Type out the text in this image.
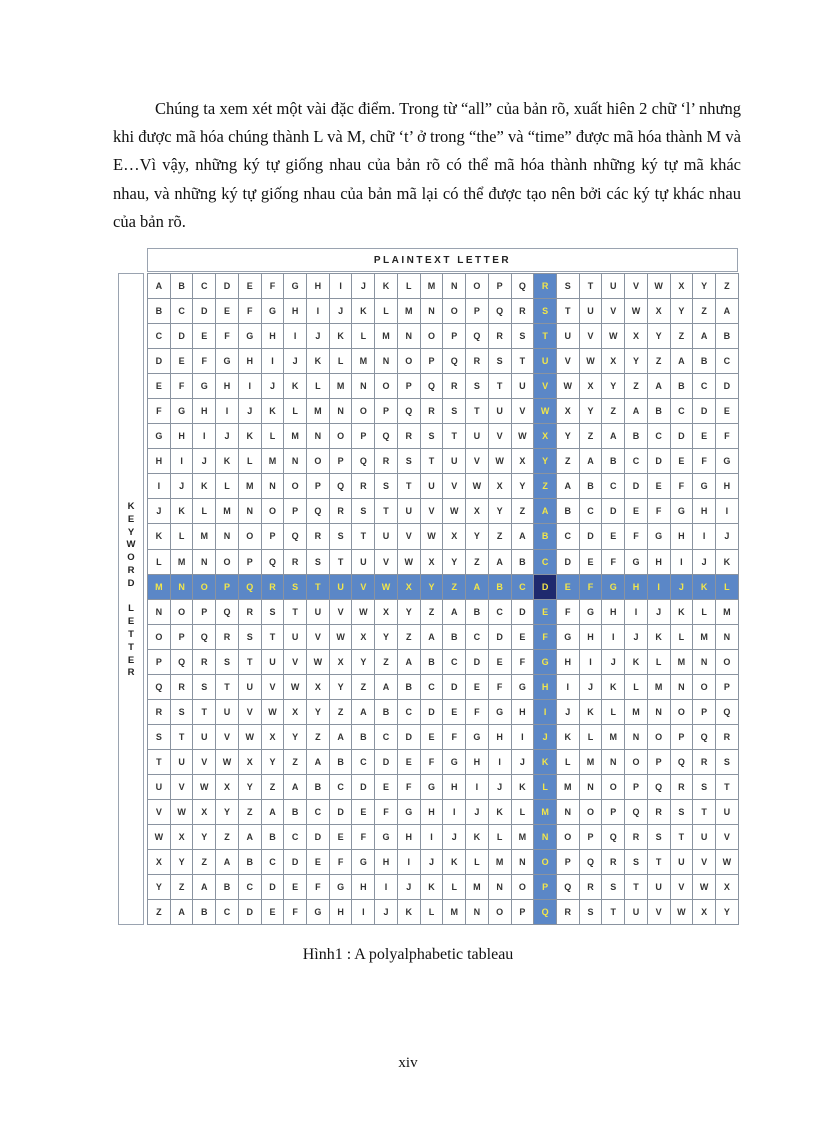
Chúng ta xem xét một vài đặc điểm. Trong từ “all” của bản rõ, xuất hiên 2 chữ ‘l’ nhưng khi được mã hóa chúng thành L và M, chữ ‘t’ ở trong “the” và “time” được mã hóa thành M và E…Vì vậy, những ký tự giống nhau của bản rõ có thể mã hóa thành những ký tự mã khác nhau, và những ký tự giống nhau của bản mã lại có thể được tạo nên bởi các ký tự khác nhau của bản rõ.

PLAINTEXT LETTER
K
E
Y
W
O
R
D
L
E
T
T
E
R
A	B	C	D	E	F	G	H	I	J	K	L	M	N	O	P	Q	R	S	T	U	V	W	X	Y	Z
B	C	D	E	F	G	H	I	J	K	L	M	N	O	P	Q	R	S	T	U	V	W	X	Y	Z	A
C	D	E	F	G	H	I	J	K	L	M	N	O	P	Q	R	S	T	U	V	W	X	Y	Z	A	B
D	E	F	G	H	I	J	K	L	M	N	O	P	Q	R	S	T	U	V	W	X	Y	Z	A	B	C
E	F	G	H	I	J	K	L	M	N	O	P	Q	R	S	T	U	V	W	X	Y	Z	A	B	C	D
F	G	H	I	J	K	L	M	N	O	P	Q	R	S	T	U	V	W	X	Y	Z	A	B	C	D	E
G	H	I	J	K	L	M	N	O	P	Q	R	S	T	U	V	W	X	Y	Z	A	B	C	D	E	F
H	I	J	K	L	M	N	O	P	Q	R	S	T	U	V	W	X	Y	Z	A	B	C	D	E	F	G
I	J	K	L	M	N	O	P	Q	R	S	T	U	V	W	X	Y	Z	A	B	C	D	E	F	G	H
J	K	L	M	N	O	P	Q	R	S	T	U	V	W	X	Y	Z	A	B	C	D	E	F	G	H	I
K	L	M	N	O	P	Q	R	S	T	U	V	W	X	Y	Z	A	B	C	D	E	F	G	H	I	J
L	M	N	O	P	Q	R	S	T	U	V	W	X	Y	Z	A	B	C	D	E	F	G	H	I	J	K
M	N	O	P	Q	R	S	T	U	V	W	X	Y	Z	A	B	C	D	E	F	G	H	I	J	K	L
N	O	P	Q	R	S	T	U	V	W	X	Y	Z	A	B	C	D	E	F	G	H	I	J	K	L	M
O	P	Q	R	S	T	U	V	W	X	Y	Z	A	B	C	D	E	F	G	H	I	J	K	L	M	N
P	Q	R	S	T	U	V	W	X	Y	Z	A	B	C	D	E	F	G	H	I	J	K	L	M	N	O
Q	R	S	T	U	V	W	X	Y	Z	A	B	C	D	E	F	G	H	I	J	K	L	M	N	O	P
R	S	T	U	V	W	X	Y	Z	A	B	C	D	E	F	G	H	I	J	K	L	M	N	O	P	Q
S	T	U	V	W	X	Y	Z	A	B	C	D	E	F	G	H	I	J	K	L	M	N	O	P	Q	R
T	U	V	W	X	Y	Z	A	B	C	D	E	F	G	H	I	J	K	L	M	N	O	P	Q	R	S
U	V	W	X	Y	Z	A	B	C	D	E	F	G	H	I	J	K	L	M	N	O	P	Q	R	S	T
V	W	X	Y	Z	A	B	C	D	E	F	G	H	I	J	K	L	M	N	O	P	Q	R	S	T	U
W	X	Y	Z	A	B	C	D	E	F	G	H	I	J	K	L	M	N	O	P	Q	R	S	T	U	V
X	Y	Z	A	B	C	D	E	F	G	H	I	J	K	L	M	N	O	P	Q	R	S	T	U	V	W
Y	Z	A	B	C	D	E	F	G	H	I	J	K	L	M	N	O	P	Q	R	S	T	U	V	W	X
Z	A	B	C	D	E	F	G	H	I	J	K	L	M	N	O	P	Q	R	S	T	U	V	W	X	Y
Hình1 : A polyalphabetic tableau
xiv
